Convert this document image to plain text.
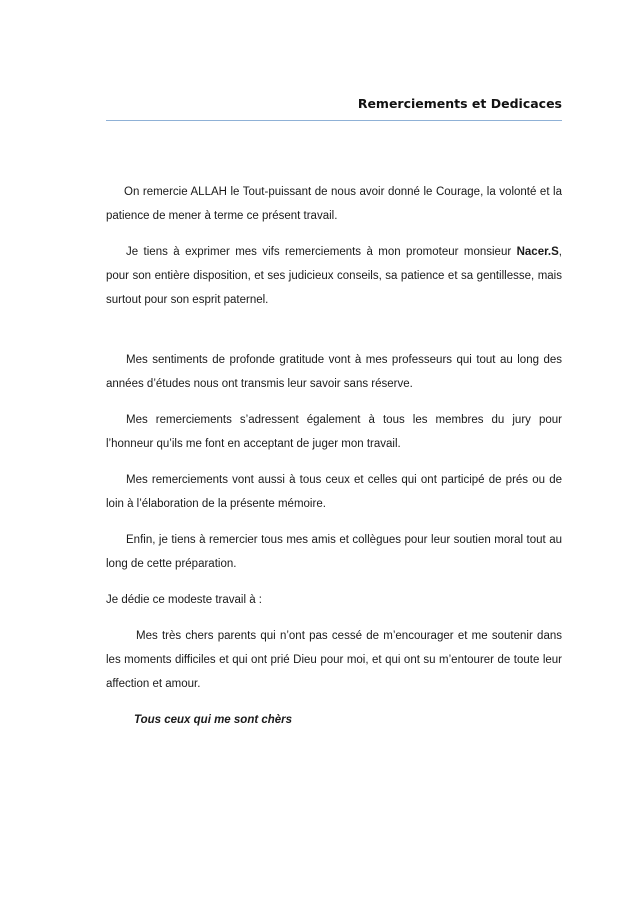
Remerciements et Dedicaces

On remercie ALLAH le Tout-puissant de nous avoir donné le Courage, la volonté et la patience de mener à terme ce présent travail.

Je tiens à exprimer mes vifs remerciements à mon promoteur monsieur Nacer.S, pour son entière disposition, et ses judicieux conseils, sa patience et sa gentillesse, mais surtout pour son esprit paternel.

Mes sentiments de profonde gratitude vont à mes professeurs qui tout au long des années d’études nous ont transmis leur savoir sans réserve.

Mes remerciements s’adressent également à tous les membres du jury pour l’honneur qu’ils me font en acceptant de juger mon travail.

Mes remerciements vont aussi à tous ceux et celles qui ont participé de prés ou de loin à l’élaboration de la présente mémoire.

Enfin, je tiens à remercier tous mes amis et collègues pour leur soutien moral tout au long de cette préparation.

Je dédie ce modeste travail à :

Mes très chers parents qui n’ont pas cessé de m’encourager et me soutenir dans les moments difficiles et qui ont prié Dieu pour moi, et qui ont su m’entourer de toute leur affection et amour.

Tous ceux qui me sont chèrs
